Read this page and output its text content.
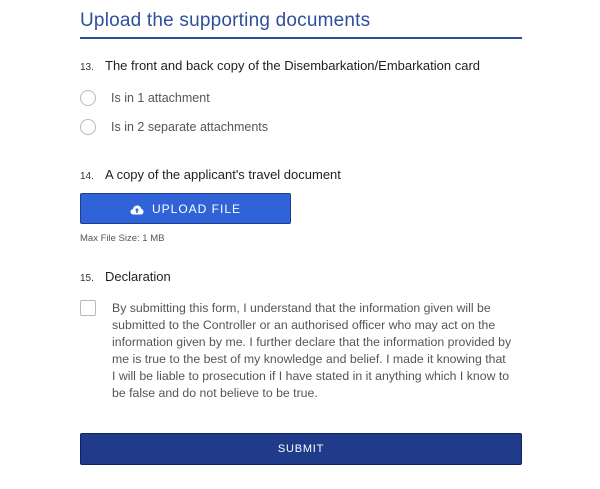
Upload the supporting documents
13. The front and back copy of the Disembarkation/Embarkation card
Is in 1 attachment
Is in 2 separate attachments
14. A copy of the applicant's travel document
UPLOAD FILE
Max File Size: 1 MB
15. Declaration
By submitting this form, I understand that the information given will be submitted to the Controller or an authorised officer who may act on the information given by me. I further declare that the information provided by me is true to the best of my knowledge and belief. I made it knowing that I will be liable to prosecution if I have stated in it anything which I know to be false and do not believe to be true.
SUBMIT
